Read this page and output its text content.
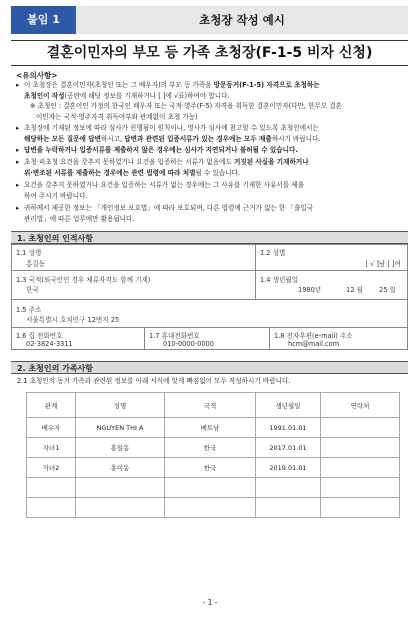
붙임 1	초청장 작성 예시
결혼이민자의 부모 등 가족 초청장(F-1-5 비자 신청)
<유의사항>
▸ 이 초청장은 결혼이민자(초청인 또는 그 배우자)의 부모 등 가족을 방문동거(F-1-5) 자격으로 초청하는
초청인이 작성(공란에 해당 정보를 기재하거나 [ ]에 √표)하여야 합니다.
※ 초청인 : 결혼이민 가정의 한국인 배우자 또는 국적·영주(F-5) 자격을 취득한 결혼이민자(다만, 한무모 결혼
이민자는 국적·영주자격 취득여부와 관계없이 초청 가능)
▸ 초청장에 기재된 정보에 따라 심사가 진행됨이 원칙이나, 영사가 심사에 참고할 수 있도록 초청인에서는
해당하는 모든 질문에 답변하시고, 답변과 관련된 입증서류가 있는 경우에는 모두 제출하시기 바랍니다.
▸ 답변을 누락하거나 입증서류를 제출하지 않은 경우에는 심사가 지연되거나 불허될 수 있습니다.
▸ 초청·피초청 요건을 갖추지 못하였거나 요건을 입증하는 서류가 없음에도 거짓된 사실을 기재하거나
위·변조된 서류를 제출하는 경우에는 관련 법령에 따라 처벌될 수 있습니다.
▸ 요건을 갖추지 못하였거나 요건을 입증하는 서류가 없는 경우에는 그 사유를 기재한 사유서를 제출
하여 주시기 바랍니다.
▸ 귀하께서 제공한 정보는 「개인정보 보호법」에 따라 보호되며, 다른 법령에 근거가 없는 한 「출입국
관리법」에 따른 업무에만 활용됩니다.
1. 초청인의 인적사항
1.1 성명
홍길동
1.2 성별
[ √ ]남 [ ]여
1.3 국적(외국인인 경우 체류자격도 함께 기재)
한국
1.4 생년월일
1980년	12 월 25 일
1.5 주소
서울특별시 호치민구 12번지 25
1.6 집 전화번호
02-3824-3311
1.7 휴대전화번호
010-0000-0000
1.8 전자우편(e-mail) 주소
hcm@mail.com
2. 초청인의 가족사항
2.1 초청인의 동거 가족과 관련된 정보를 아래 서식에 맞게 빠짐없이 모두 작성하시기 바랍니다.
관계	성명	국적	생년월일	연락처
배우자	NGUYEN THI A	베트남	1991.01.01	
자녀1	홍일동	한국	2017.01.01	
자녀2	홍이동	한국	2019.01.01	

- 1 -
